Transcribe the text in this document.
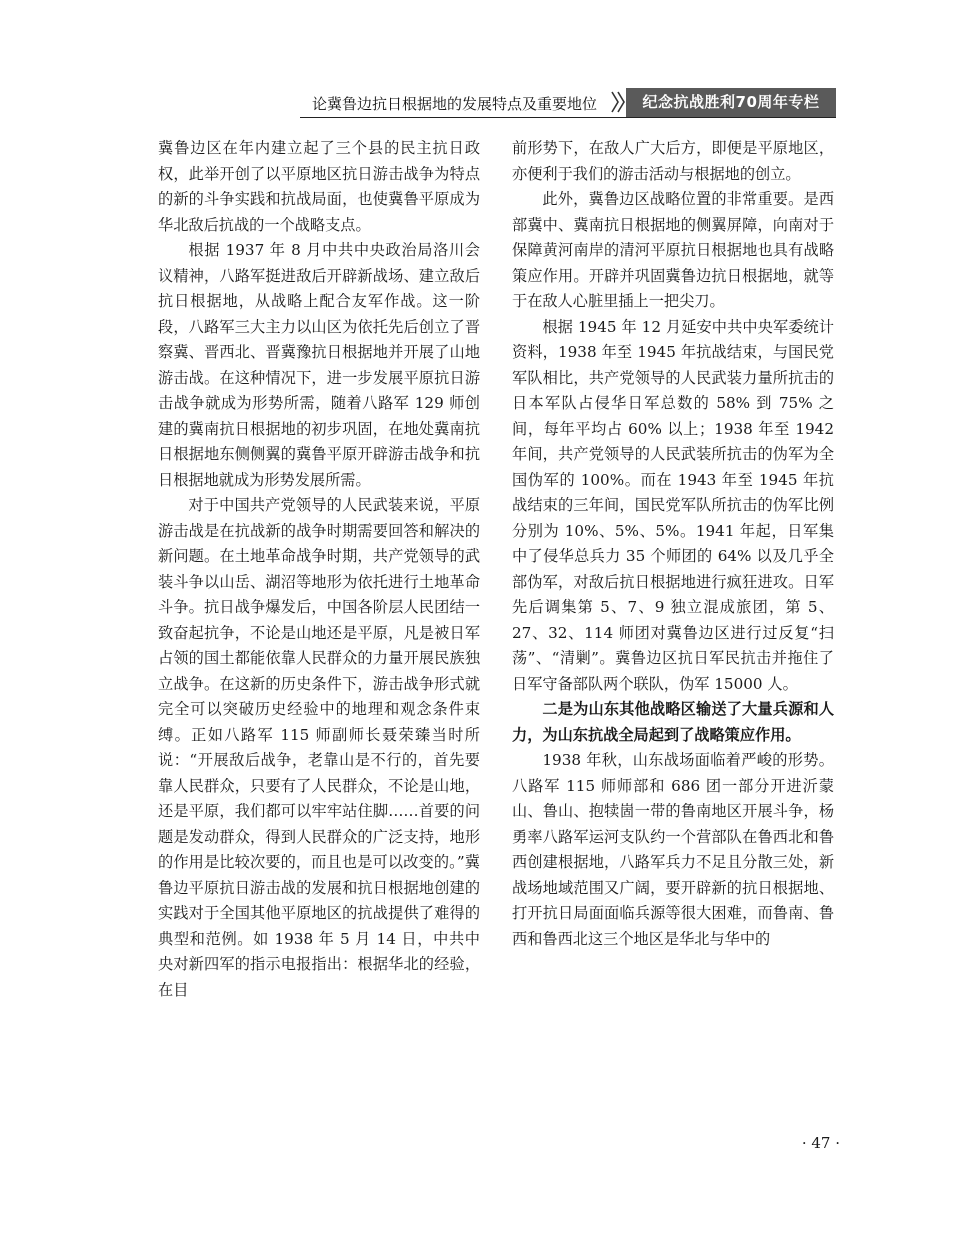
论冀鲁边抗日根据地的发展特点及重要地位	纪念抗战胜利70周年专栏

冀鲁边区在年内建立起了三个县的民主抗日政权，此举开创了以平原地区抗日游击战争为特点的新的斗争实践和抗战局面，也使冀鲁平原成为华北敌后抗战的一个战略支点。

根据 1937 年 8 月中共中央政治局洛川会议精神，八路军挺进敌后开辟新战场、建立敌后抗日根据地，从战略上配合友军作战。这一阶段，八路军三大主力以山区为依托先后创立了晋察冀、晋西北、晋冀豫抗日根据地并开展了山地游击战。在这种情况下，进一步发展平原抗日游击战争就成为形势所需，随着八路军 129 师创建的冀南抗日根据地的初步巩固，在地处冀南抗日根据地东侧侧翼的冀鲁平原开辟游击战争和抗日根据地就成为形势发展所需。

对于中国共产党领导的人民武装来说，平原游击战是在抗战新的战争时期需要回答和解决的新问题。在土地革命战争时期，共产党领导的武装斗争以山岳、湖沼等地形为依托进行土地革命斗争。抗日战争爆发后，中国各阶层人民团结一致奋起抗争，不论是山地还是平原，凡是被日军占领的国土都能依靠人民群众的力量开展民族独立战争。在这新的历史条件下，游击战争形式就完全可以突破历史经验中的地理和观念条件束缚。正如八路军 115 师副师长聂荣臻当时所说：“开展敌后战争，老靠山是不行的，首先要靠人民群众，只要有了人民群众，不论是山地，还是平原，我们都可以牢牢站住脚……首要的问题是发动群众，得到人民群众的广泛支持，地形的作用是比较次要的，而且也是可以改变的。”冀鲁边平原抗日游击战的发展和抗日根据地创建的实践对于全国其他平原地区的抗战提供了难得的典型和范例。如 1938 年 5 月 14 日，中共中央对新四军的指示电报指出：根据华北的经验，在目

前形势下，在敌人广大后方，即便是平原地区，亦便利于我们的游击活动与根据地的创立。

此外，冀鲁边区战略位置的非常重要。是西部冀中、冀南抗日根据地的侧翼屏障，向南对于保障黄河南岸的清河平原抗日根据地也具有战略策应作用。开辟并巩固冀鲁边抗日根据地，就等于在敌人心脏里插上一把尖刀。

根据 1945 年 12 月延安中共中央军委统计资料，1938 年至 1945 年抗战结束，与国民党军队相比，共产党领导的人民武装力量所抗击的日本军队占侵华日军总数的 58% 到 75% 之间，每年平均占 60% 以上；1938 年至 1942 年间，共产党领导的人民武装所抗击的伪军为全国伪军的 100%。而在 1943 年至 1945 年抗战结束的三年间，国民党军队所抗击的伪军比例分别为 10%、5%、5%。1941 年起，日军集中了侵华总兵力 35 个师团的 64% 以及几乎全部伪军，对敌后抗日根据地进行疯狂进攻。日军先后调集第 5、7、9 独立混成旅团，第 5、27、32、114 师团对冀鲁边区进行过反复“扫荡”、“清剿”。冀鲁边区抗日军民抗击并拖住了日军守备部队两个联队，伪军 15000 人。

二是为山东其他战略区输送了大量兵源和人力，为山东抗战全局起到了战略策应作用。

1938 年秋，山东战场面临着严峻的形势。八路军 115 师师部和 686 团一部分开进沂蒙山、鲁山、抱犊崮一带的鲁南地区开展斗争，杨勇率八路军运河支队约一个营部队在鲁西北和鲁西创建根据地，八路军兵力不足且分散三处，新战场地域范围又广阔，要开辟新的抗日根据地、打开抗日局面面临兵源等很大困难，而鲁南、鲁西和鲁西北这三个地区是华北与华中的

· 47 ·
